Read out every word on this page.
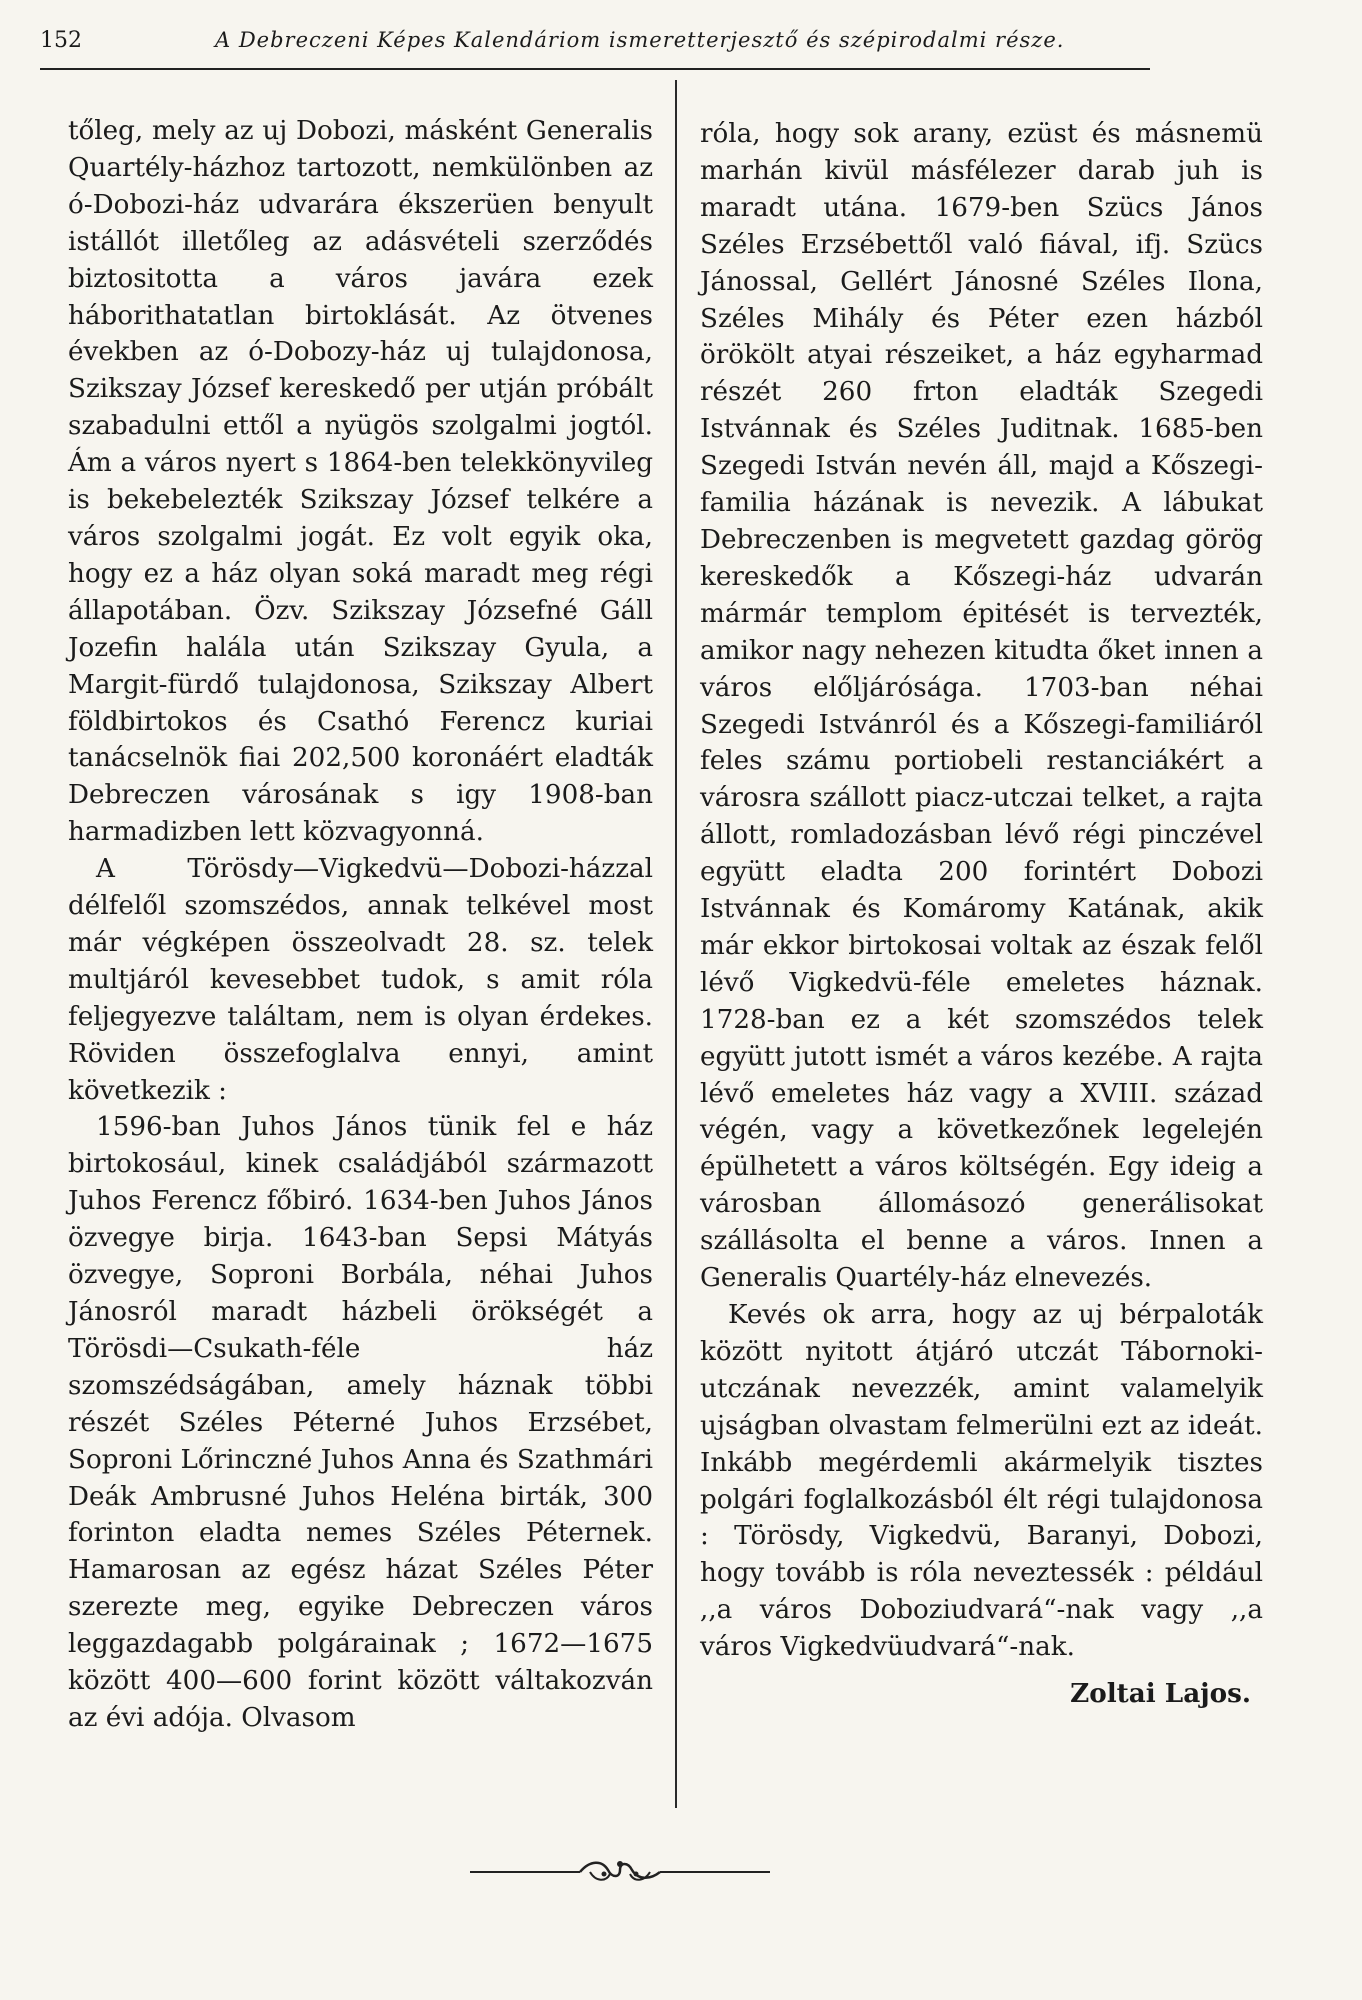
152	A Debreczeni Képes Kalendáriom ismeretterjesztő és szépirodalmi része.

tőleg, mely az uj Dobozi, másként Generalis Quartély-házhoz tartozott, nemkülönben az ó-Dobozi-ház udvarára ékszerüen benyult istállót illetőleg az adásvételi szerződés biztositotta a város javára ezek háborithatatlan birtoklását. Az ötvenes években az ó-Dobozy-ház uj tulajdonosa, Szikszay József kereskedő per utján próbált szabadulni ettől a nyügös szolgalmi jogtól. Ám a város nyert s 1864-ben telekkönyvileg is bekebelezték Szikszay József telkére a város szolgalmi jogát. Ez volt egyik oka, hogy ez a ház olyan soká maradt meg régi állapotában. Özv. Szikszay Józsefné Gáll Jozefin halála után Szikszay Gyula, a Margit-fürdő tulajdonosa, Szikszay Albert földbirtokos és Csathó Ferencz kuriai tanácselnök fiai 202,500 koronáért eladták Debreczen városának s igy 1908-ban harmadizben lett közvagyonná.

A Törösdy—Vigkedvü—Dobozi-házzal délfelől szomszédos, annak telkével most már végképen összeolvadt 28. sz. telek multjáról kevesebbet tudok, s amit róla feljegyezve találtam, nem is olyan érdekes. Röviden összefoglalva ennyi, amint következik :

1596-ban Juhos János tünik fel e ház birtokosául, kinek családjából származott Juhos Ferencz főbiró. 1634-ben Juhos János özvegye birja. 1643-ban Sepsi Mátyás özvegye, Soproni Borbála, néhai Juhos Jánosról maradt házbeli örökségét a Törösdi—Csukath-féle ház szomszédságában, amely háznak többi részét Széles Péterné Juhos Erzsébet, Soproni Lőrinczné Juhos Anna és Szathmári Deák Ambrusné Juhos Heléna birták, 300 forinton eladta nemes Széles Péternek. Hamarosan az egész házat Széles Péter szerezte meg, egyike Debreczen város leggazdagabb polgárainak ; 1672—1675 között 400—600 forint között váltakozván az évi adója. Olvasom

róla, hogy sok arany, ezüst és másnemü marhán kivül másfélezer darab juh is maradt utána. 1679-ben Szücs János Széles Erzsébettől való fiával, ifj. Szücs Jánossal, Gellért Jánosné Széles Ilona, Széles Mihály és Péter ezen házból örökölt atyai részeiket, a ház egyharmad részét 260 frton eladták Szegedi Istvánnak és Széles Juditnak. 1685-ben Szegedi István nevén áll, majd a Kőszegi-familia házának is nevezik. A lábukat Debreczenben is megvetett gazdag görög kereskedők a Kőszegi-ház udvarán mármár templom épitését is tervezték, amikor nagy nehezen kitudta őket innen a város előljárósága. 1703-ban néhai Szegedi Istvánról és a Kőszegi-familiáról feles számu portiobeli restanciákért a városra szállott piacz-utczai telket, a rajta állott, romladozásban lévő régi pinczével együtt eladta 200 forintért Dobozi Istvánnak és Komáromy Katának, akik már ekkor birtokosai voltak az észak felől lévő Vigkedvü-féle emeletes háznak. 1728-ban ez a két szomszédos telek együtt jutott ismét a város kezébe. A rajta lévő emeletes ház vagy a XVIII. század végén, vagy a következőnek legelején épülhetett a város költségén. Egy ideig a városban állomásozó generálisokat szállásolta el benne a város. Innen a Generalis Quartély-ház elnevezés.

Kevés ok arra, hogy az uj bérpaloták között nyitott átjáró utczát Tábornoki-utczának nevezzék, amint valamelyik ujságban olvastam felmerülni ezt az ideát. Inkább megérdemli akármelyik tisztes polgári foglalkozásból élt régi tulajdonosa : Törösdy, Vigkedvü, Baranyi, Dobozi, hogy tovább is róla neveztessék : például ,,a város Doboziudvará“-nak vagy ,,a város Vigkedvüudvará“-nak.

Zoltai Lajos.
